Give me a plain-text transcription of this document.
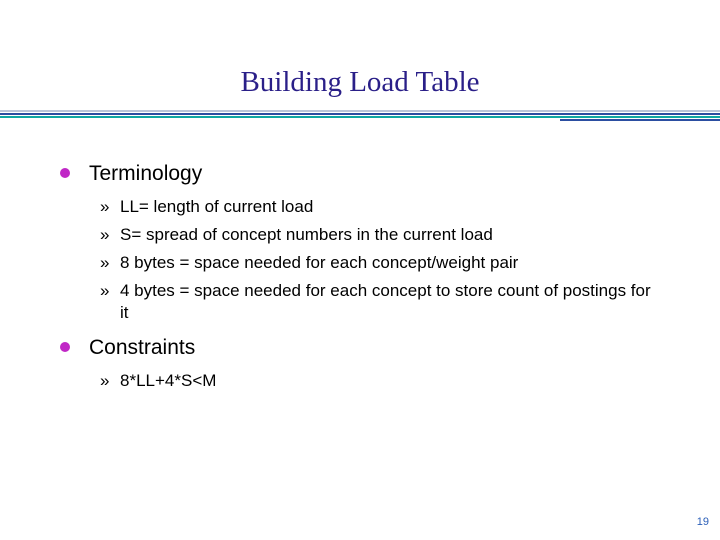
Building Load Table
Terminology
» LL= length of current load
» S= spread of concept numbers in the current load
» 8 bytes = space needed for each concept/weight pair
» 4 bytes = space needed for each concept to store count of postings for it
Constraints
» 8*LL+4*S<M
19
